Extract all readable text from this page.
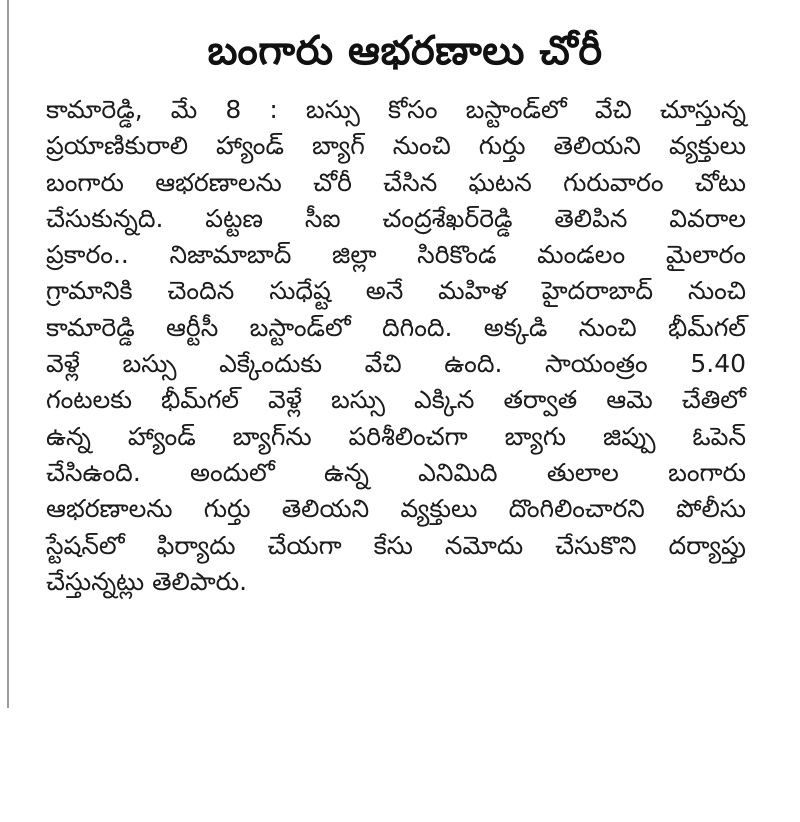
బంగారు ఆభరణాలు చోరీ
కామారెడ్డి, మే 8 : బస్సు కోసం బస్టాండ్‌లో వేచి చూస్తున్న
ప్రయాణికురాలి హ్యాండ్ బ్యాగ్ నుంచి గుర్తు తెలియని వ్యక్తులు
బంగారు ఆభరణాలను చోరీ చేసిన ఘటన గురువారం చోటు
చేసుకున్నది. పట్టణ సీఐ చంద్రశేఖర్‌రెడ్డి తెలిపిన వివరాల
ప్రకారం.. నిజామాబాద్ జిల్లా సిరికొండ మండలం మైలారం
గ్రామానికి చెందిన సుధేష్ట అనే మహిళ హైదరాబాద్ నుంచి
కామారెడ్డి ఆర్టీసీ బస్టాండ్‌లో దిగింది. అక్కడి నుంచి భీమ్‌గల్
వెళ్లే బస్సు ఎక్కేందుకు వేచి ఉంది. సాయంత్రం 5.40
గంటలకు భీమ్‌గల్ వెళ్లే బస్సు ఎక్కిన తర్వాత ఆమె చేతిలో
ఉన్న హ్యాండ్ బ్యాగ్‌ను పరిశీలించగా బ్యాగు జిప్పు ఓపెన్
చేసిఉంది. అందులో ఉన్న ఎనిమిది తులాల బంగారు
ఆభరణాలను గుర్తు తెలియని వ్యక్తులు దొంగిలించారని పోలీసు
స్టేషన్‌లో ఫిర్యాదు చేయగా కేసు నమోదు చేసుకొని దర్యాప్తు
చేస్తున్నట్లు తెలిపారు.
